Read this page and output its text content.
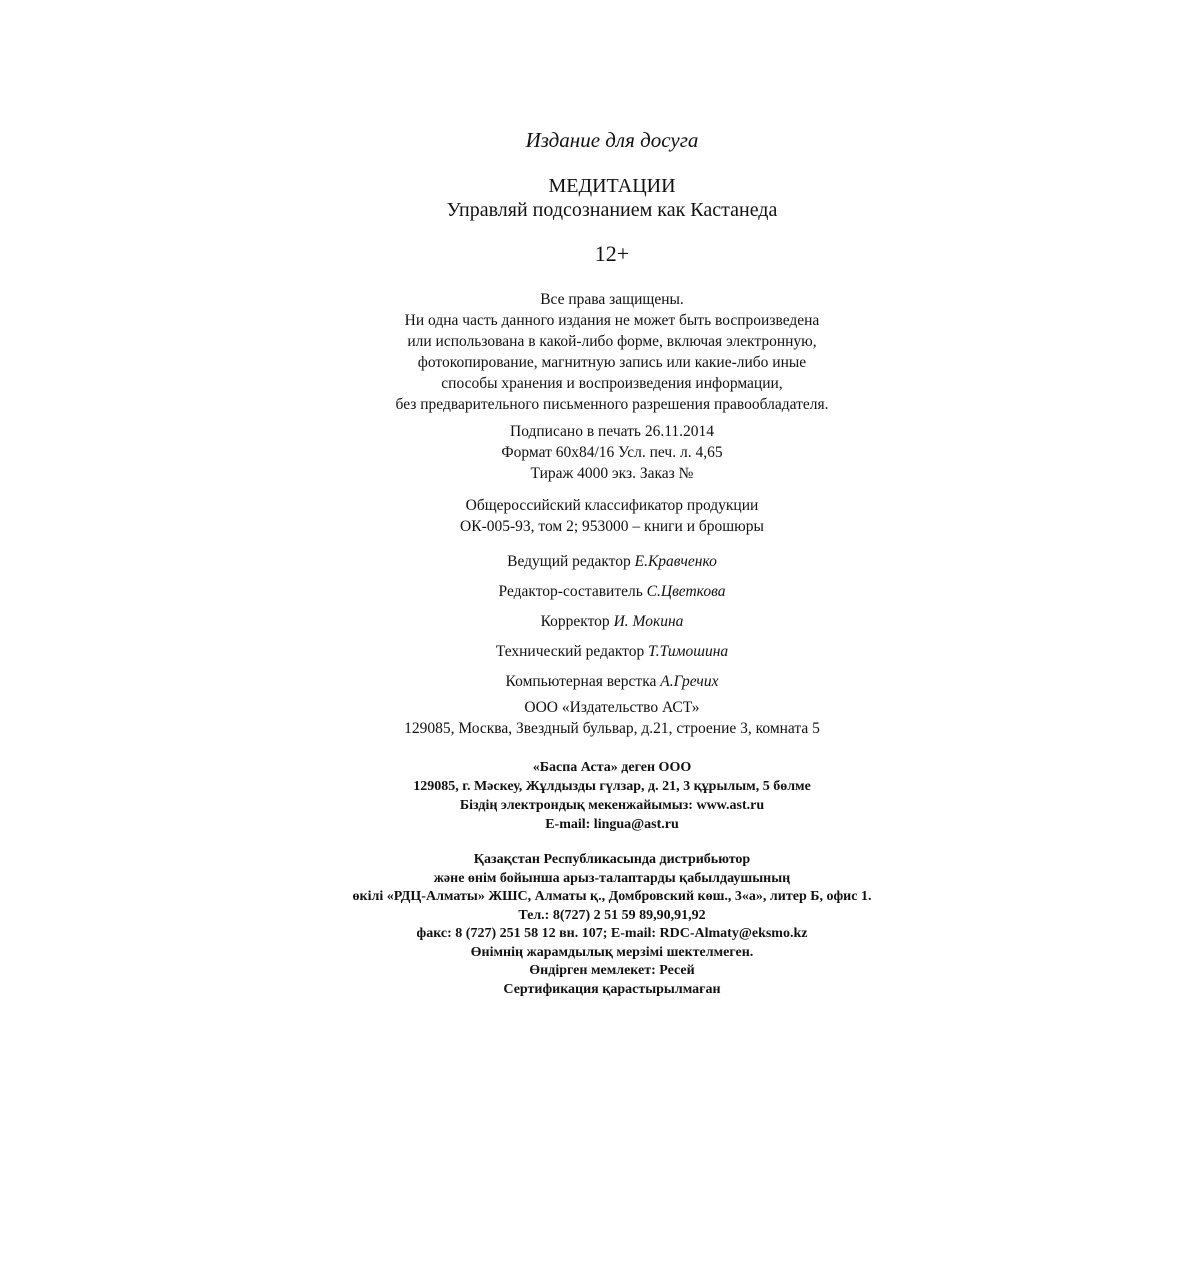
Издание для досуга
МЕДИТАЦИИ
Управляй подсознанием как Кастанеда
12+
Все права защищены.
Ни одна часть данного издания не может быть воспроизведена
или использована в какой-либо форме, включая электронную,
фотокопирование, магнитную запись или какие-либо иные
способы хранения и воспроизведения информации,
без предварительного письменного разрешения правообладателя.
Подписано в печать 26.11.2014
Формат 60x84/16 Усл. печ. л. 4,65
Тираж 4000 экз. Заказ №
Общероссийский классификатор продукции
ОК-005-93, том 2; 953000 – книги и брошюры
Ведущий редактор Е.Кравченко
Редактор-составитель С.Цветкова
Корректор И. Мокина
Технический редактор Т.Тимошина
Компьютерная верстка А.Гречих
ООО «Издательство АСТ»
129085, Москва, Звездный бульвар, д.21, строение 3, комната 5
«Баспа Аста» деген ООО
129085, г. Мәскеу, Жұлдызды гүлзар, д. 21, 3 құрылым, 5 бөлме
Біздің электрондық мекенжайымыз: www.ast.ru
E-mail: lingua@ast.ru
Қазақстан Республикасында дистрибьютор
және өнім бойынша арыз-талаптарды қабылдаушының
өкілі «РДЦ-Алматы» ЖШС, Алматы қ., Домбровский көш., 3«а», литер Б, офис 1.
Тел.: 8(727) 2 51 59 89,90,91,92
факс: 8 (727) 251 58 12 вн. 107; E-mail: RDC-Almaty@eksmo.kz
Өнімнің жарамдылық мерзімі шектелмеген.
Өндірген мемлекет: Ресей
Сертификация қарастырылмаған
